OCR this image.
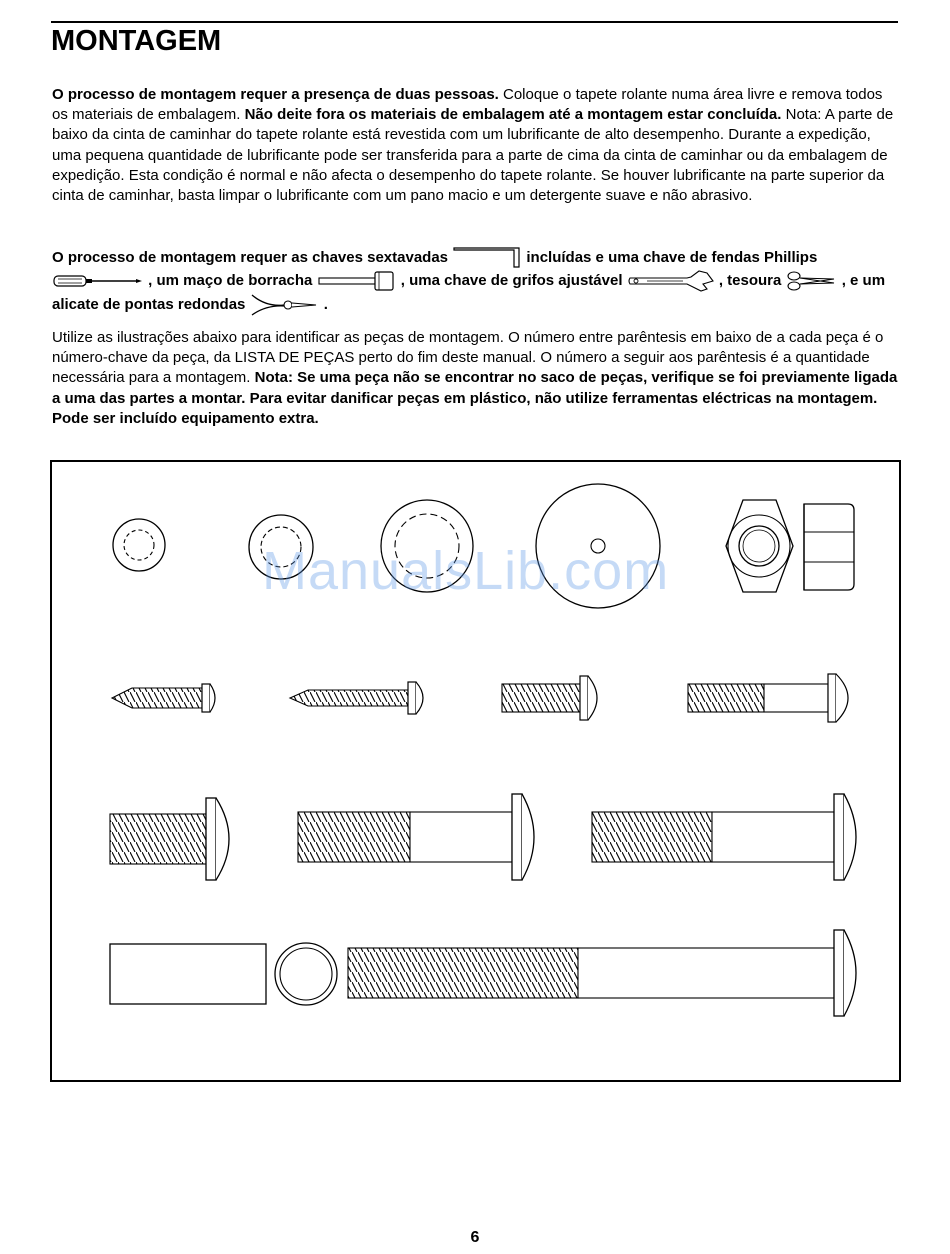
MONTAGEM

O processo de montagem requer a presença de duas pessoas. Coloque o tapete rolante numa área livre e remova todos os materiais de embalagem. Não deite fora os materiais de embalagem até a montagem estar concluída. Nota: A parte de baixo da cinta de caminhar do tapete rolante está revestida com um lubrificante de alto desempenho. Durante a expedição, uma pequena quantidade de lubrificante pode ser transferida para a parte de cima da cinta de caminhar ou da embalagem de expedição. Esta condição é normal e não afecta o desempenho do tapete rolante. Se houver lubrificante na parte superior da cinta de caminhar, basta limpar o lubrificante com um pano macio e um detergente suave e não abrasivo.

O processo de montagem requer as chaves sextavadas	incluídas e uma chave de fendas Phillips  , um maço de borracha	, uma chave de grifos ajustável	, tesoura	, e um alicate de pontas redondas	.

Utilize as ilustrações abaixo para identificar as peças de montagem. O número entre parêntesis em baixo de a cada peça é o número-chave da peça, da LISTA DE PEÇAS perto do fim deste manual. O número a seguir aos parêntesis é a quantidade necessária para a montagem. Nota: Se uma peça não se encontrar no saco de peças, verifique se foi previamente ligada a uma das partes a montar. Para evitar danificar peças em plástico, não utilize ferramentas eléctricas na montagem. Pode ser incluído equipamento extra.

ManualsLib.com
6
